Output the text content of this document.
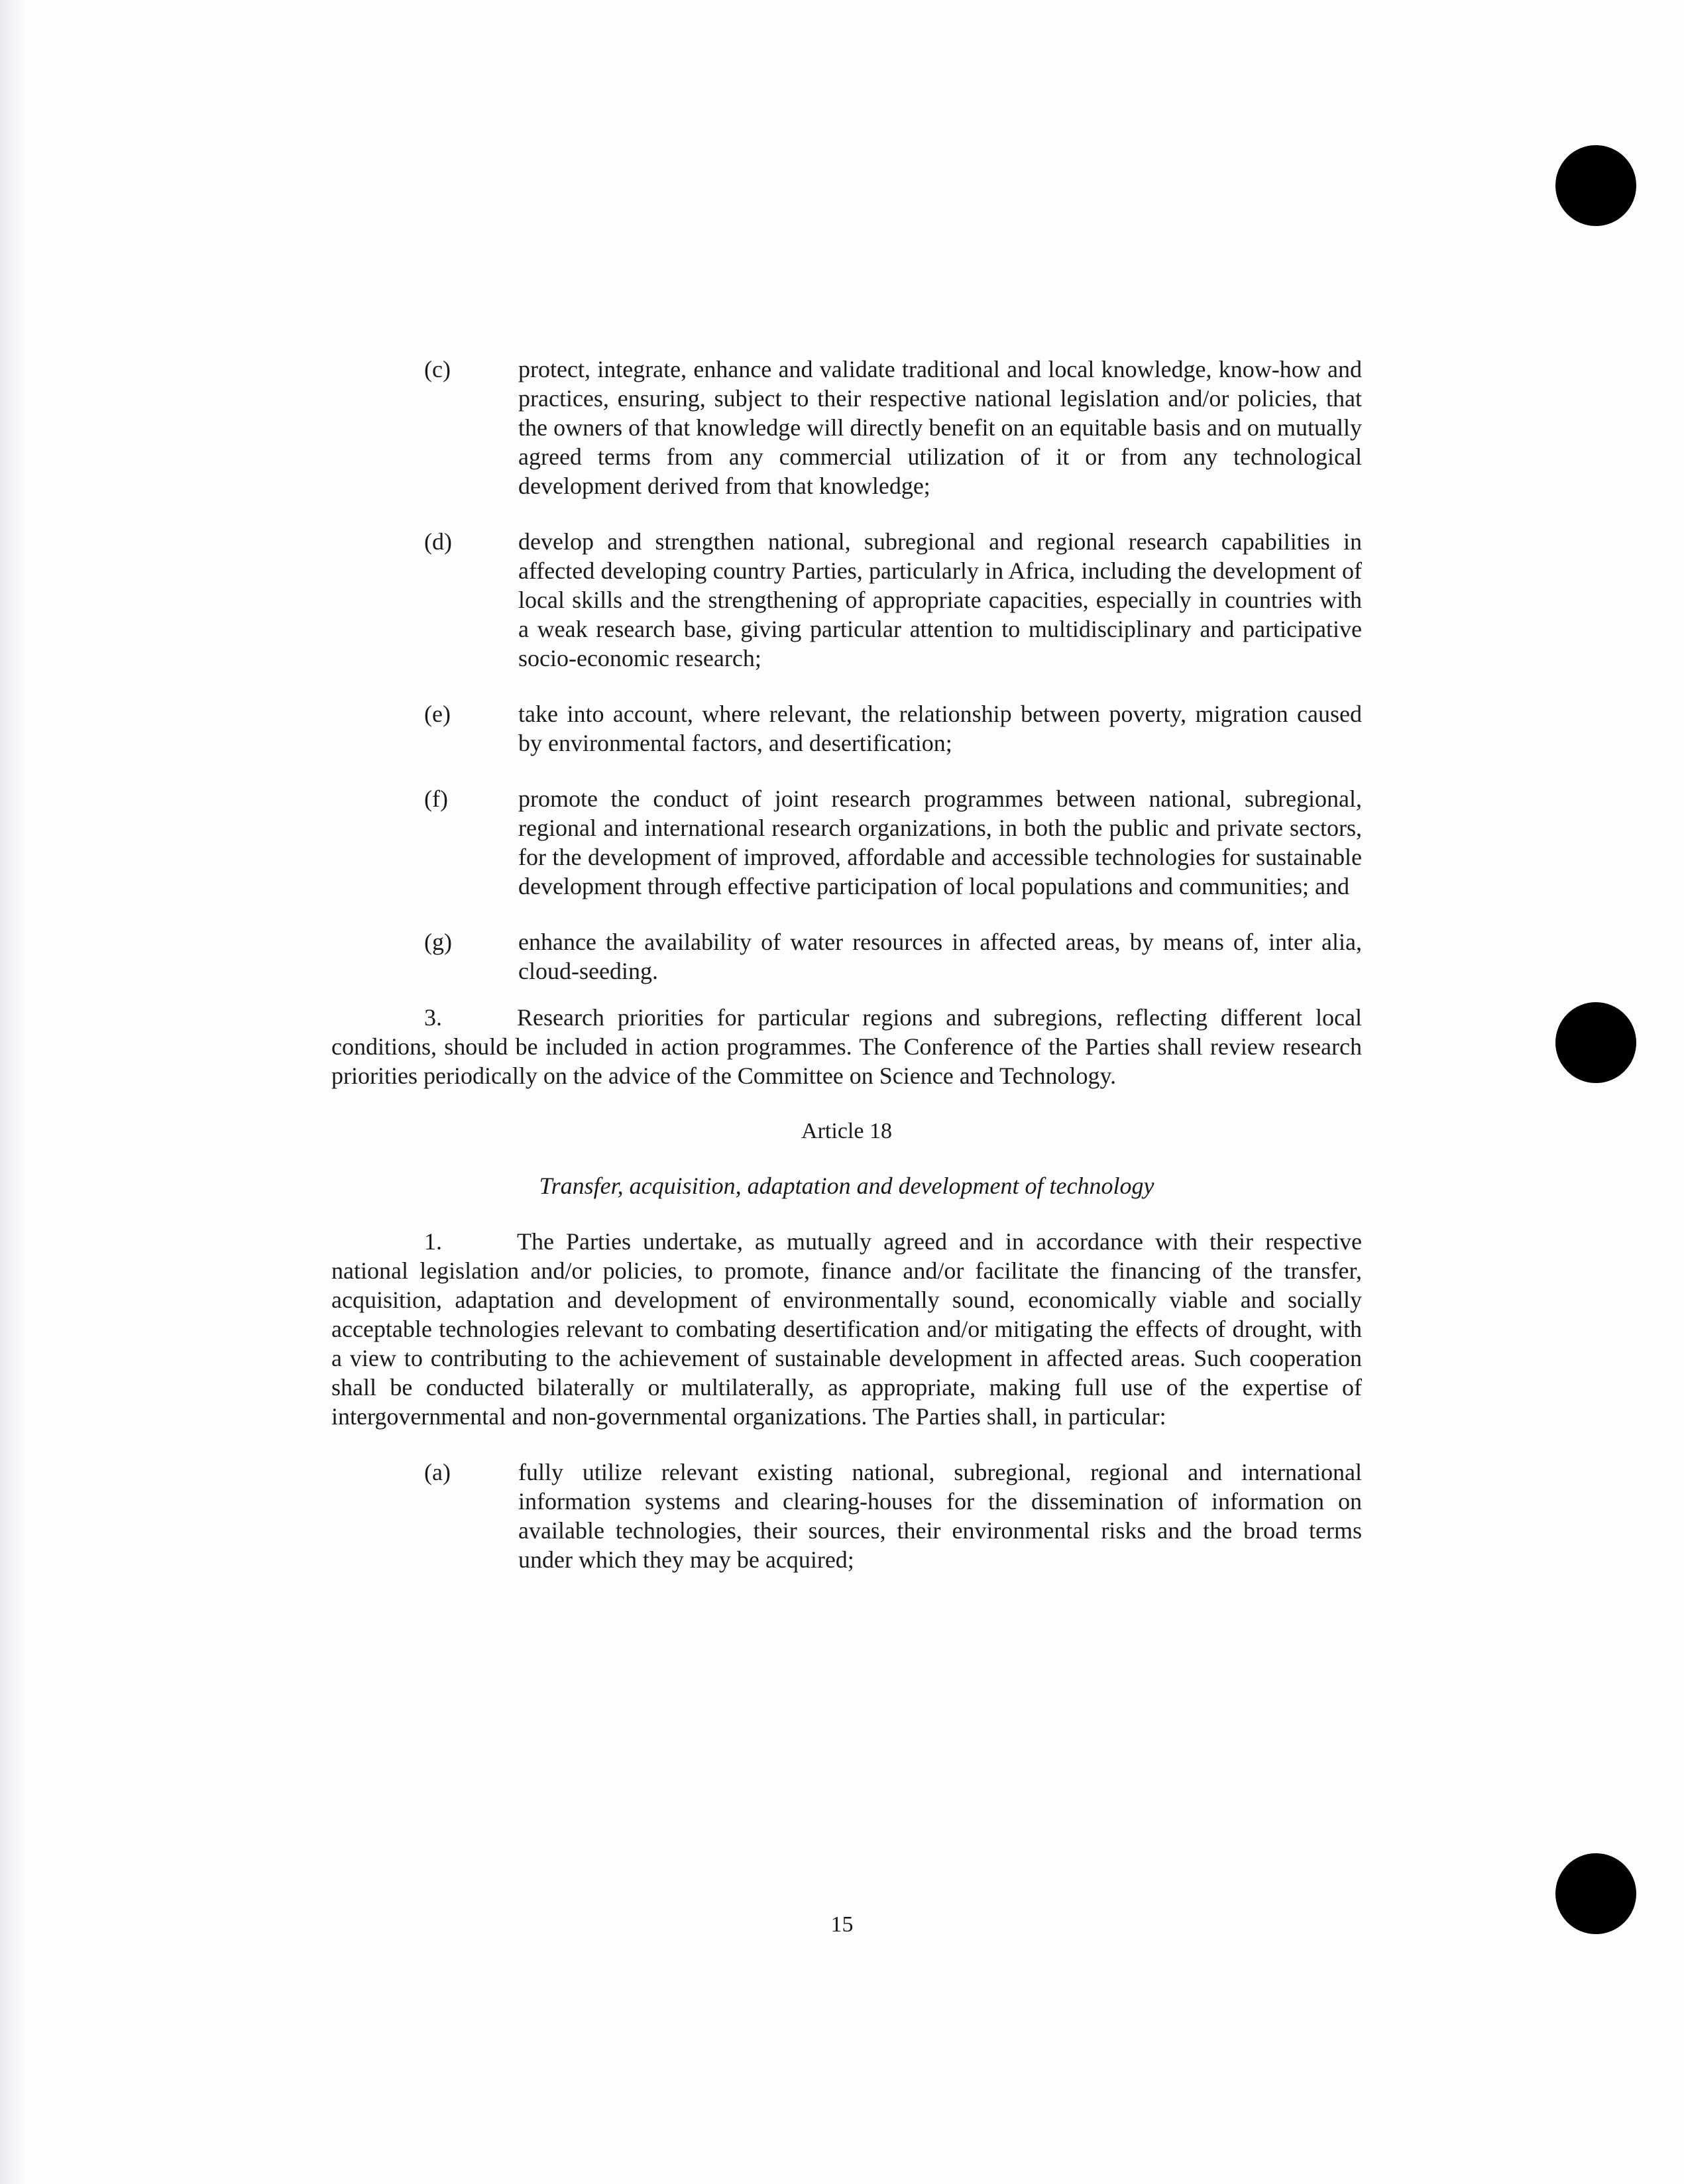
(c)	protect, integrate, enhance and validate traditional and local knowledge, know-how and practices, ensuring, subject to their respective national legislation and/or policies, that the owners of that knowledge will directly benefit on an equitable basis and on mutually agreed terms from any commercial utilization of it or from any technological development derived from that knowledge;
(d)	develop and strengthen national, subregional and regional research capabilities in affected developing country Parties, particularly in Africa, including the development of local skills and the strengthening of appropriate capacities, especially in countries with a weak research base, giving particular attention to multidisciplinary and participative socio-economic research;
(e)	take into account, where relevant, the relationship between poverty, migration caused by environmental factors, and desertification;
(f)	promote the conduct of joint research programmes between national, subregional, regional and international research organizations, in both the public and private sectors, for the development of improved, affordable and accessible technologies for sustainable development through effective participation of local populations and communities; and
(g)	enhance the availability of water resources in affected areas, by means of, inter alia, cloud-seeding.
3.	Research priorities for particular regions and subregions, reflecting different local conditions, should be included in action programmes. The Conference of the Parties shall review research priorities periodically on the advice of the Committee on Science and Technology.
Article 18
Transfer, acquisition, adaptation and development of technology
1.	The Parties undertake, as mutually agreed and in accordance with their respective national legislation and/or policies, to promote, finance and/or facilitate the financing of the transfer, acquisition, adaptation and development of environmentally sound, economically viable and socially acceptable technologies relevant to combating desertification and/or mitigating the effects of drought, with a view to contributing to the achievement of sustainable development in affected areas. Such cooperation shall be conducted bilaterally or multilaterally, as appropriate, making full use of the expertise of intergovernmental and non-governmental organizations. The Parties shall, in particular:
(a)	fully utilize relevant existing national, subregional, regional and international information systems and clearing-houses for the dissemination of information on available technologies, their sources, their environmental risks and the broad terms under which they may be acquired;
15
